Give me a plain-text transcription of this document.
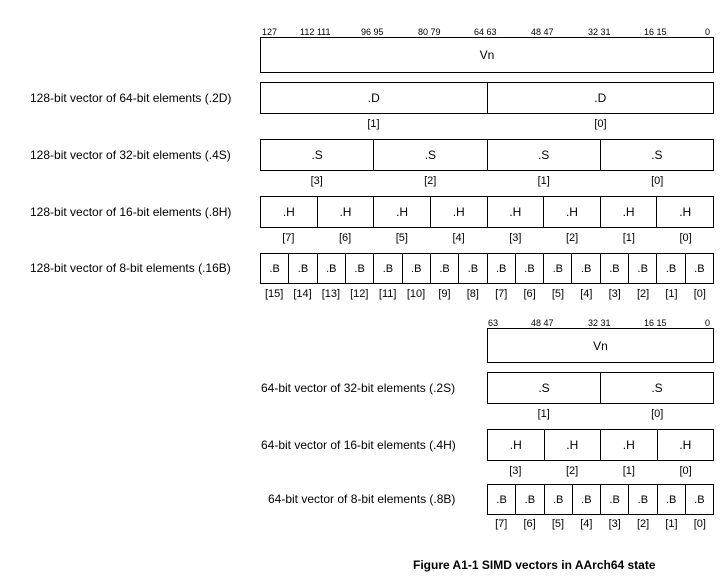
127	112 111	96 95	80 79	64 63	48 47	32 31	16 15	0
Vn
128-bit vector of 64-bit elements (.2D)	.D	.D
[1]	[0]
128-bit vector of 32-bit elements (.4S)	.S	.S	.S	.S
[3]	[2]	[1]	[0]
128-bit vector of 16-bit elements (.8H)	.H	.H	.H	.H	.H	.H	.H	.H
[7]	[6]	[5]	[4]	[3]	[2]	[1]	[0]
128-bit vector of 8-bit elements (.16B)	.B	.B	.B	.B	.B	.B	.B	.B	.B	.B	.B	.B	.B	.B	.B	.B
[15] [14] [13] [12] [11] [10]	[9]	[8]	[7]	[6]	[5]	[4]	[3]	[2]	[1]	[0]
63	48 47	32 31	16 15	0
Vn
64-bit vector of 32-bit elements (.2S)	.S	.S
[1]	[0]
64-bit vector of 16-bit elements (.4H)	.H	.H	.H	.H
[3]	[2]	[1]	[0]
64-bit vector of 8-bit elements (.8B)	.B	.B	.B	.B	.B	.B	.B	.B
[7]	[6]	[5]	[4]	[3]	[2]	[1]	[0]
Figure A1-1 SIMD vectors in AArch64 state
